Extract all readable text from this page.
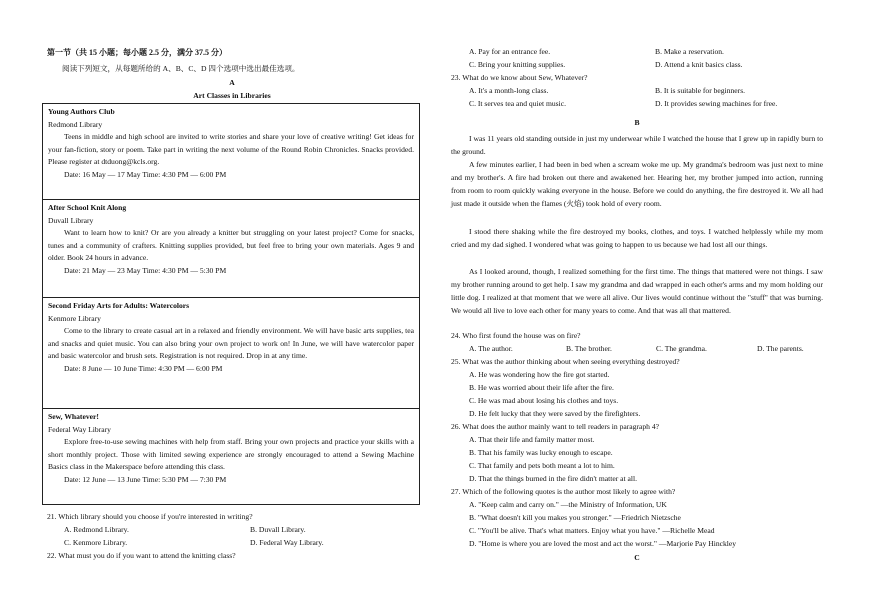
第一节（共 15 小题；每小题 2.5 分，满分 37.5 分）
阅读下列短文，从每题所给的 A、B、C、D 四个选项中选出最佳选项。
A
Art Classes in Libraries
Young Authors Club
Redmond Library
Teens in middle and high school are invited to write stories and share your love of creative writing! Get ideas for your fan-fiction, story or poem. Take part in writing the next volume of the Round Robin Chronicles. Snacks provided. Please register at dtduong@kcls.org.
Date: 16 May — 17 May Time: 4:30 PM — 6:00 PM
After School Knit Along
Duvall Library
Want to learn how to knit? Or are you already a knitter but struggling on your latest project? Come for snacks, tunes and a community of crafters. Knitting supplies provided, but feel free to bring your own materials. Ages 9 and older. Book 24 hours in advance.
Date: 21 May — 23 May Time: 4:30 PM — 5:30 PM
Second Friday Arts for Adults: Watercolors
Kenmore Library
Come to the library to create casual art in a relaxed and friendly environment. We will have basic arts supplies, tea and snacks and quiet music. You can also bring your own project to work on! In June, we will have watercolor paper and basic watercolor and brush sets. Registration is not required. Drop in at any time.
Date: 8 June — 10 June Time: 4:30 PM — 6:00 PM
Sew, Whatever!
Federal Way Library
Explore free-to-use sewing machines with help from staff. Bring your own projects and practice your skills with a short monthly project. Those with limited sewing experience are strongly encouraged to attend a Sewing Machine Basics class in the Makerspace before attending this class.
Date: 12 June — 13 June Time: 5:30 PM — 7:30 PM
21. Which library should you choose if you're interested in writing?
A. Redmond Library.	B. Duvall Library.
C. Kenmore Library.	D. Federal Way Library.
22. What must you do if you want to attend the knitting class?
A. Pay for an entrance fee.	B. Make a reservation.
C. Bring your knitting supplies.	D. Attend a knit basics class.
23. What do we know about Sew, Whatever?
A. It's a month-long class.	B. It is suitable for beginners.
C. It serves tea and quiet music.	D. It provides sewing machines for free.
B
I was 11 years old standing outside in just my underwear while I watched the house that I grew up in rapidly burn to the ground.
A few minutes earlier, I had been in bed when a scream woke me up. My grandma's bedroom was just next to mine and my brother's. A fire had broken out there and awakened her. Hearing her, my brother jumped into action, running from room to room quickly waking everyone in the house. Before we could do anything, the fire destroyed it. We all had just made it outside when the flames (火焰) took hold of every room.
I stood there shaking while the fire destroyed my books, clothes, and toys. I watched helplessly while my mom cried and my dad sighed. I wondered what was going to happen to us because we had lost all our things.
As I looked around, though, I realized something for the first time. The things that mattered were not things. I saw my brother running around to get help. I saw my grandma and dad wrapped in each other's arms and my mom holding our little dog. I realized at that moment that we were all alive. Our lives would continue without the "stuff" that was burning. We would all live to love each other for many years to come. And that was all that mattered.
24. Who first found the house was on fire?
A. The author.	B. The brother.	C. The grandma.	D. The parents.
25. What was the author thinking about when seeing everything destroyed?
A. He was wondering how the fire got started.
B. He was worried about their life after the fire.
C. He was mad about losing his clothes and toys.
D. He felt lucky that they were saved by the firefighters.
26. What does the author mainly want to tell readers in paragraph 4?
A. That their life and family matter most.
B. That his family was lucky enough to escape.
C. That family and pets both meant a lot to him.
D. That the things burned in the fire didn't matter at all.
27. Which of the following quotes is the author most likely to agree with?
A. "Keep calm and carry on." —the Ministry of Information, UK
B. "What doesn't kill you makes you stronger." —Friedrich Nietzsche
C. "You'll be alive. That's what matters. Enjoy what you have." —Richelle Mead
D. "Home is where you are loved the most and act the worst." —Marjorie Pay Hinckley
C
